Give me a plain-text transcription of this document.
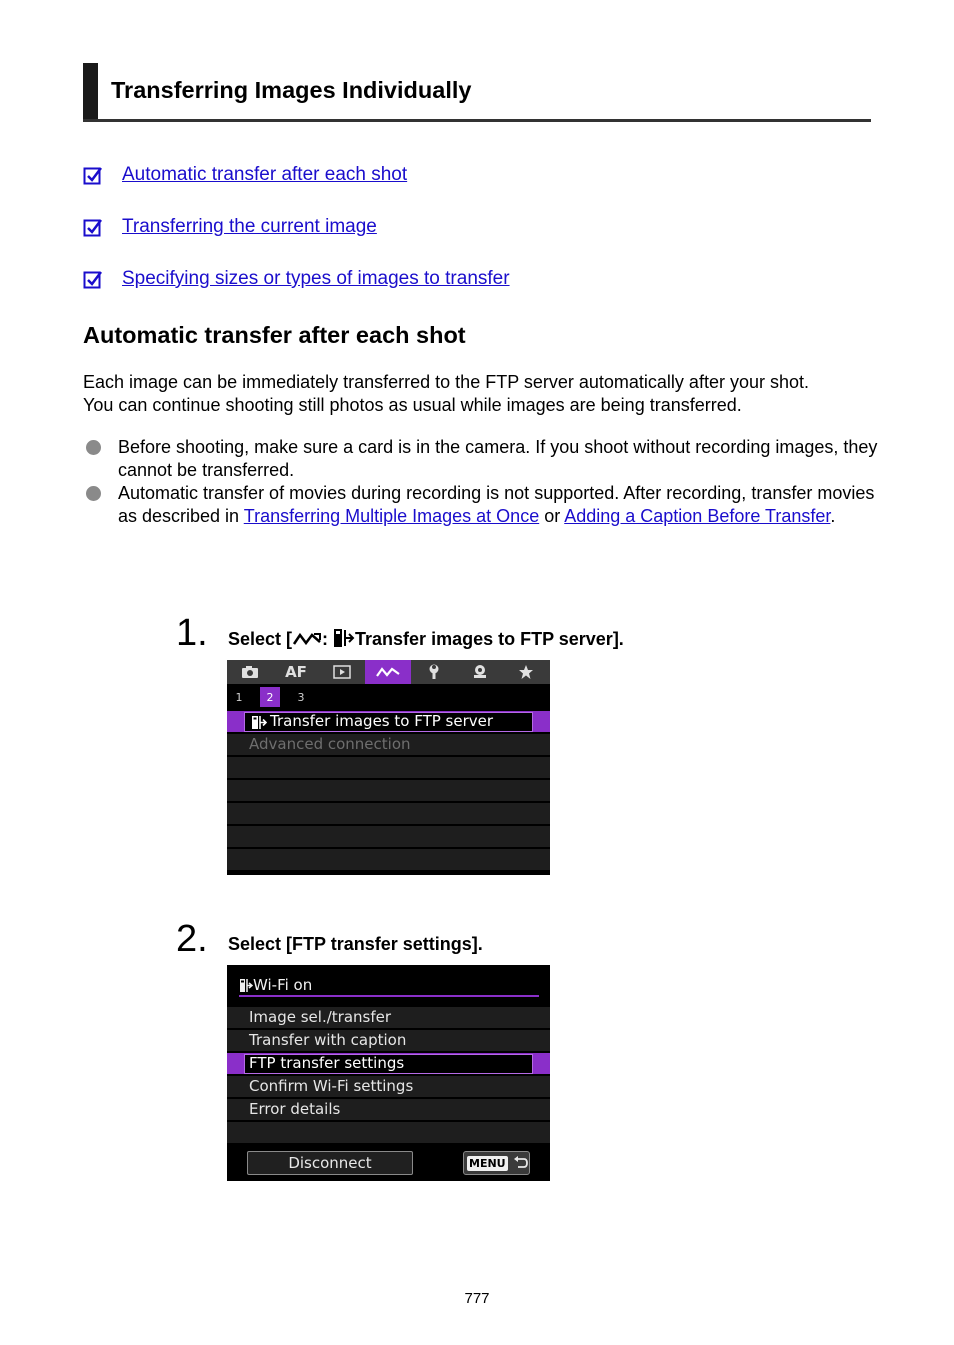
Transferring Images Individually
Automatic transfer after each shot
Transferring the current image
Specifying sizes or types of images to transfer
Automatic transfer after each shot
Each image can be immediately transferred to the FTP server automatically after your shot.
You can continue shooting still photos as usual while images are being transferred.
Before shooting, make sure a card is in the camera. If you shoot without recording images, they cannot be transferred.
Automatic transfer of movies during recording is not supported. After recording, transfer movies as described in Transferring Multiple Images at Once or Adding a Caption Before Transfer.
1. Select [ : Transfer images to FTP server].
AF
1	2	3
Transfer images to FTP server
Advanced connection
2. Select [FTP transfer settings].
Wi-Fi on
Image sel./transfer
Transfer with caption
FTP transfer settings
Confirm Wi-Fi settings
Error details
Disconnect	MENU
777
